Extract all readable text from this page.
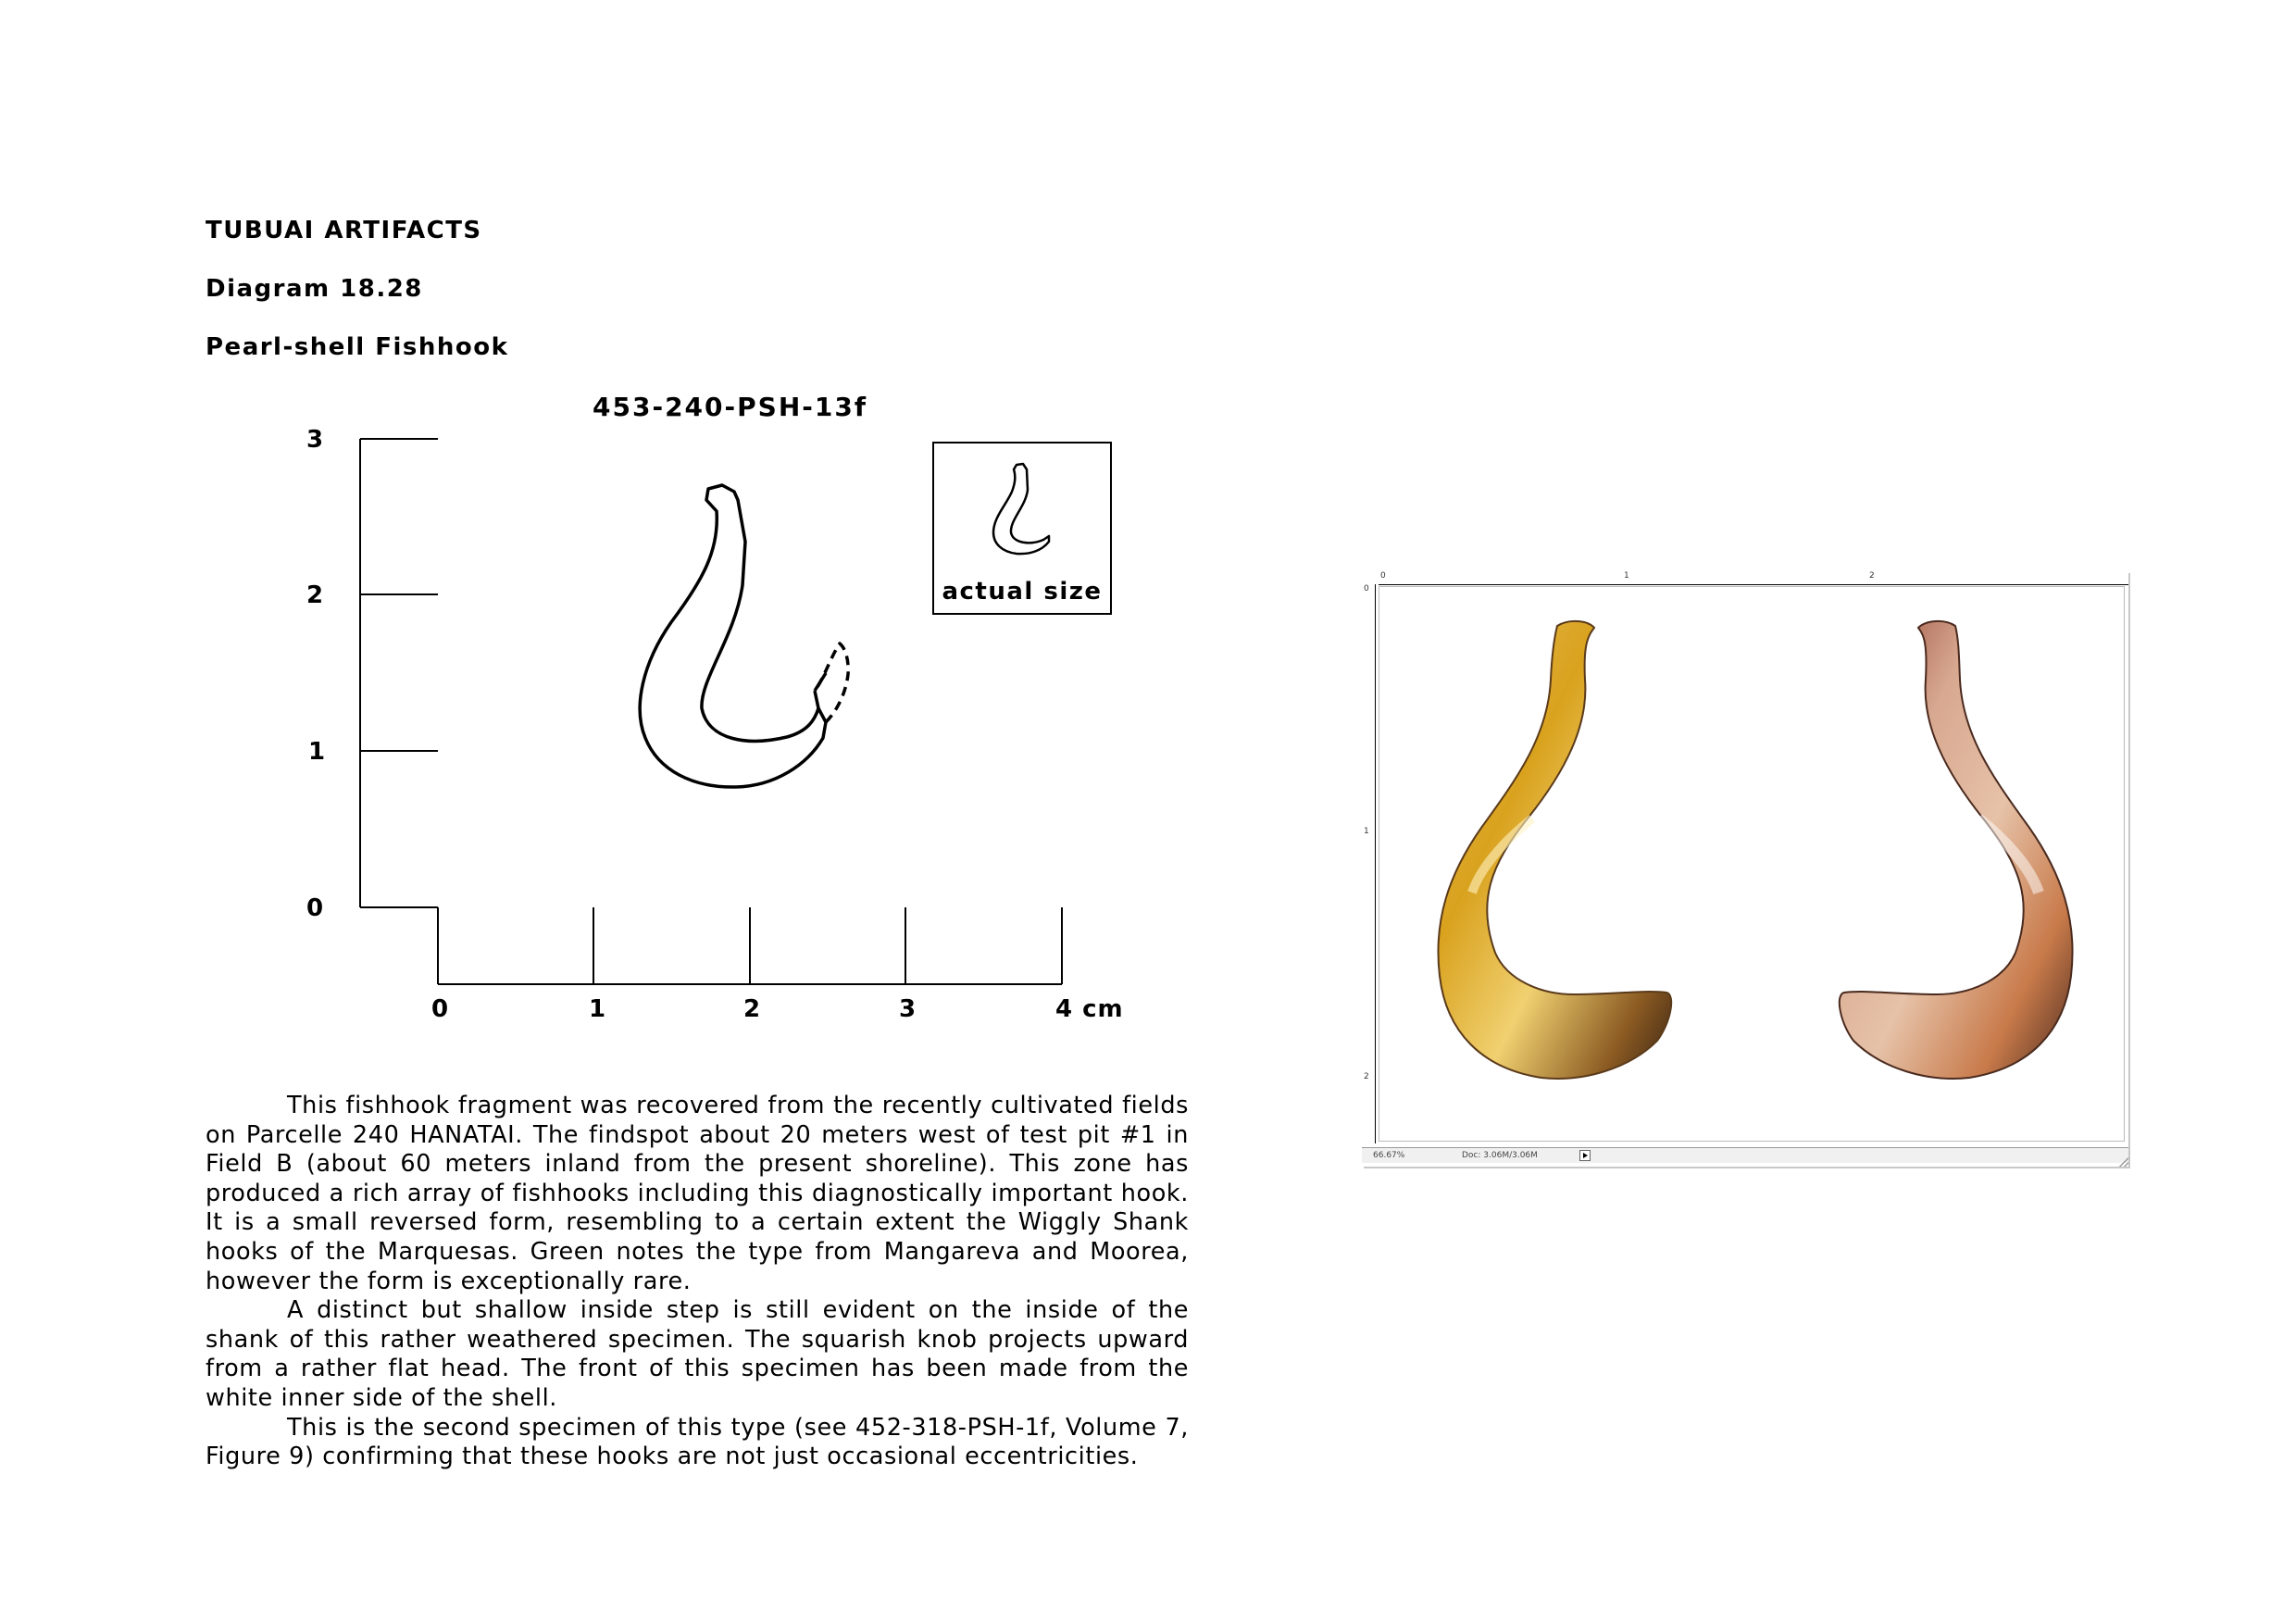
TUBUAI ARTIFACTS
Diagram 18.28
Pearl-shell Fishhook
453-240-PSH-13f
3
2
1
0
0	1	2	3	4 cm
actual size

This fishhook fragment was recovered from the recently cultivated fields on Parcelle 240 HANATAI. The findspot about 20 meters west of test pit #1 in Field B (about 60 meters inland from the present shoreline). This zone has produced a rich array of fishhooks including this diagnostically important hook. It is a small reversed form, resembling to a certain extent the Wiggly Shank hooks of the Marquesas. Green notes the type from Mangareva and Moorea, however the form is exceptionally rare.

A distinct but shallow inside step is still evident on the inside of the shank of this rather weathered specimen. The squarish knob projects upward from a rather flat head. The front of this specimen has been made from the white inner side of the shell.

This is the second specimen of this type (see 452-318-PSH-1f, Volume 7, Figure 9) confirming that these hooks are not just occasional eccentricities.

0	1	2
0
1
2
66.67%	Doc: 3.06M/3.06M
